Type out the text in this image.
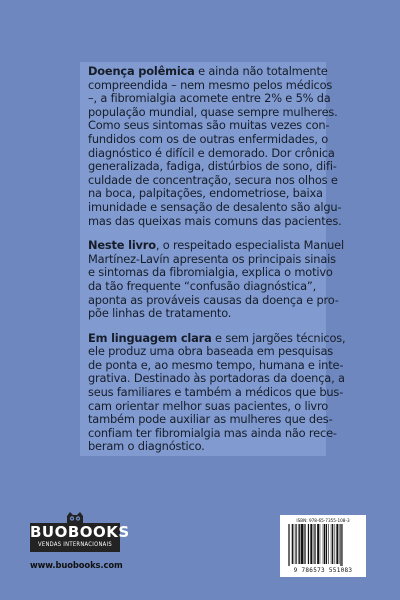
Doença polêmica e ainda não totalmente
compreendida – nem mesmo pelos médicos
–, a fibromialgia acomete entre 2% e 5% da
população mundial, quase sempre mulheres.
Como seus sintomas são muitas vezes con-
fundidos com os de outras enfermidades, o
diagnóstico é difícil e demorado. Dor crônica
generalizada, fadiga, distúrbios de sono, difi-
culdade de concentração, secura nos olhos e
na boca, palpitações, endometriose, baixa
imunidade e sensação de desalento são algu-
mas das queixas mais comuns das pacientes.

Neste livro, o respeitado especialista Manuel
Martínez-Lavín apresenta os principais sinais
e sintomas da fibromialgia, explica o motivo
da tão frequente “confusão diagnóstica”,
aponta as prováveis causas da doença e pro-
põe linhas de tratamento.

Em linguagem clara e sem jargões técnicos,
ele produz uma obra baseada em pesquisas
de ponta e, ao mesmo tempo, humana e inte-
grativa. Destinado às portadoras da doença, a
seus familiares e também a médicos que bus-
cam orientar melhor suas pacientes, o livro
também pode auxiliar as mulheres que des-
confiam ter fibromialgia mas ainda não rece-
beram o diagnóstico.

BUOBOOKS
VENDAS INTERNACIONAIS
www.buobooks.com
ISBN: 978-65-7355-108-3
9 786573 551083
